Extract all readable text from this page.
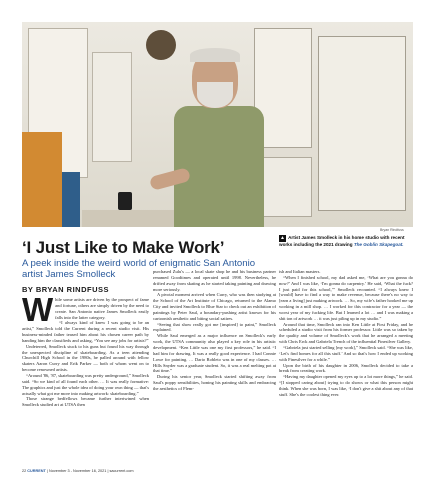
Bryan Rindfuss
‘I Just Like to Make Work’
A peek inside the weird world of enigmatic San Antonio artist James Smolleck
BY BRYAN RINDFUSS
▲ Artist James Smolleck in his home studio with recent works including the 2021 drawing The Goblin Skapegoat.
W hile some artists are driven by the prospect of fame and fortune, others are simply driven by the need to create. San Antonio native James Smolleck easily falls into the latter category.

“I always kind of knew I was going to be an artist,” Smolleck told the Current during a recent studio visit. His business-minded father teased him about his chosen career path by handing him the classifieds and asking, “You see any jobs for artists?”

Undeterred, Smolleck stuck to his guns but found his way through the unexpected discipline of skateboarding. As a teen attending Churchill High School in the 1980s, he palled around with fellow skaters Aaron Curry and Erik Parker — both of whom went on to become renowned artists.

“Around '86, '87, skateboarding was pretty underground,” Smolleck said. “So we kind of all found each other. … It was really formative: The graphics and just the whole idea of doing your own thing — that's actually what got me more into making artwork: skateboarding.”

Those strange bedfellows became further intertwined when Smolleck studied art at UTSA then

purchased Zulu's — a local skate shop he and his business partner renamed Goodtimes and operated until 1998. Nevertheless, he drifted away from skating as he started taking painting and drawing more seriously.

A pivotal moment arrived when Curry, who was then studying at the School of the Art Institute of Chicago, returned to the Alamo City and invited Smolleck to Blue Star to check out an exhibition of paintings by Peter Saul, a boundary-pushing artist known for his cartoonish aesthetic and biting social satires.

“Seeing that show really got me [inspired] to paint,” Smolleck explained.

While Saul emerged as a major influence on Smolleck's early work, the UTSA community also played a key role in his artistic development. “Ken Little was one my first professors,” he said. “I had him for drawing. It was a really good experience. I had Connie Lowe for painting. … Dario Robleto was in one of my classes. … Hills Snyder was a graduate student. So, it was a real melting pot at that time.”

During his senior year, Smolleck started shifting away from Saul's poppy sensibilities, honing his painting skills and embracing the aesthetics of Flem-

ish and Italian masters.

“When I finished school, my dad asked me, ‘What are you gonna do now?’ And I was like, ‘I'm gonna do carpentry.’ He said, ‘What the fuck? I just paid for this school,’” Smolleck recounted. “I always knew I [would] have to find a way to make revenue, because there's no way to [earn a living] just making artwork. … So, my wife's father hooked me up working in a mill shop. … I worked for this contractor for a year — the worst year of my fucking life. But I learned a lot … and I was making a shit ton of artwork … it was just piling up in my studio.”

Around that time, Smolleck ran into Ken Little at First Friday, and he scheduled a studio visit from his former professor. Little was so taken by the quality and volume of Smolleck's work that he arranged a meeting with Chris Erck and Gabriela Trench of the influential Finesilver Gallery.

“Gabriela just started selling [my work],” Smolleck said. “She was like, ‘Let's find homes for all this stuff.’ And so that's how I ended up working with Finesilver for a while.”

Upon the birth of his daughter in 2006, Smolleck decided to take a break from creating work.

“Having my daughter opened my eyes up to a lot more things,” he said. “[I stopped caring about] trying to do shows or what this person might think. When she was born, I was like, ‘I don't give a shit about any of that stuff. She's the coolest thing ever.

22 CURRENT | November 3 - November 16, 2021 | sacurrent.com
